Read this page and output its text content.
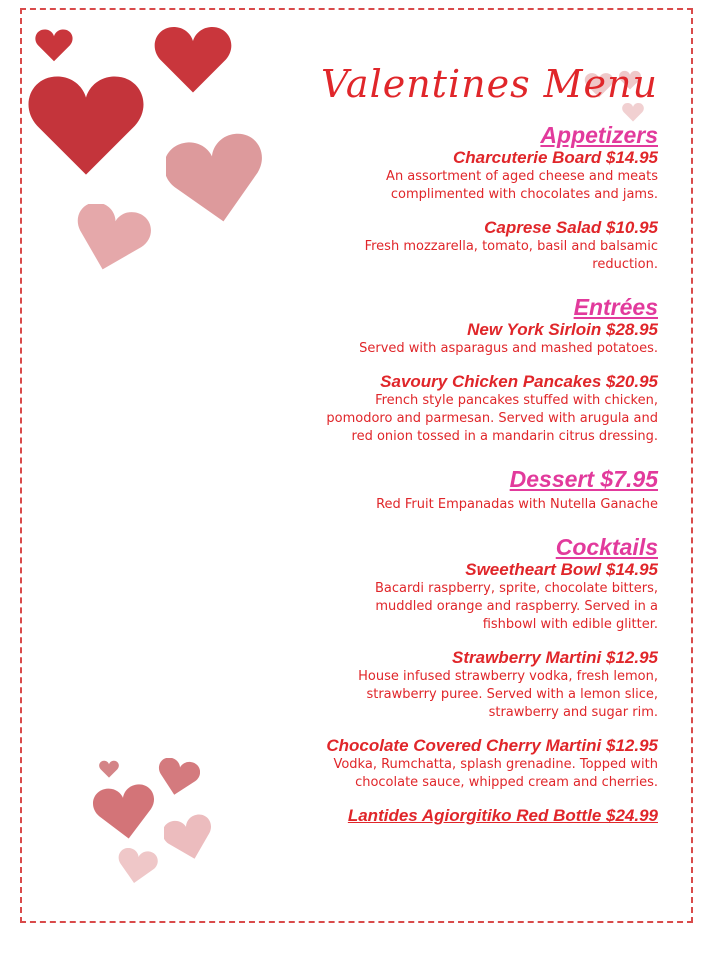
Valentines Menu
Appetizers
Charcuterie Board $14.95
An assortment of aged cheese and meats
complimented with chocolates and jams.
Caprese Salad $10.95
Fresh mozzarella, tomato, basil and balsamic
reduction.
Entrées
New York Sirloin $28.95
Served with asparagus and mashed potatoes.
Savoury Chicken Pancakes $20.95
French style pancakes stuffed with chicken,
pomodoro and parmesan. Served with arugula and
red onion tossed in a mandarin citrus dressing.
Dessert $7.95
Red Fruit Empanadas with Nutella Ganache
Cocktails
Sweetheart Bowl $14.95
Bacardi raspberry, sprite, chocolate bitters,
muddled orange and raspberry. Served in a
fishbowl with edible glitter.
Strawberry Martini $12.95
House infused strawberry vodka, fresh lemon,
strawberry puree. Served with a lemon slice,
strawberry and sugar rim.
Chocolate Covered Cherry Martini $12.95
Vodka, Rumchatta, splash grenadine. Topped with
chocolate sauce, whipped cream and cherries.
Lantides Agiorgitiko Red Bottle $24.99
